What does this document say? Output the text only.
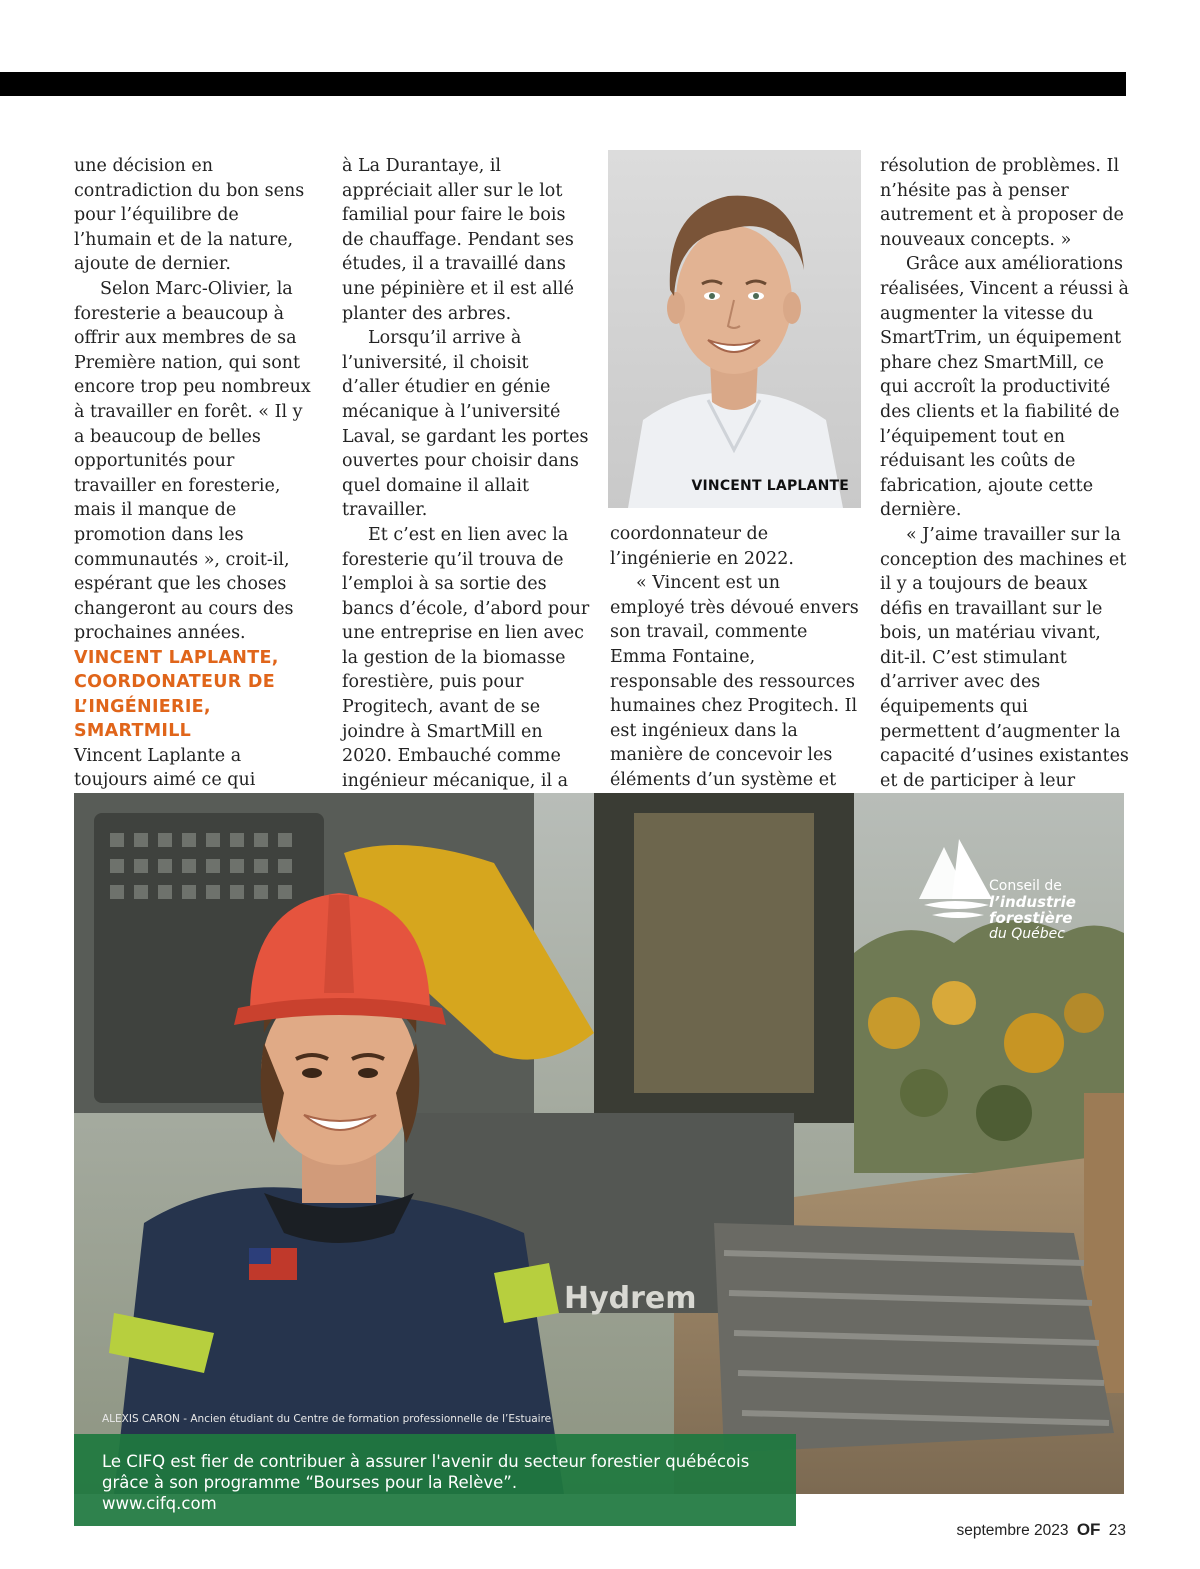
une décision en contradiction du bon sens pour l’équilibre de l’humain et de la nature, ajoute de dernier.

Selon Marc-Olivier, la foresterie a beaucoup à offrir aux membres de sa Première nation, qui sont encore trop peu nombreux à travailler en forêt. « Il y a beaucoup de belles opportunités pour travailler en foresterie, mais il manque de promotion dans les communautés », croit-il, espérant que les choses changeront au cours des prochaines années.

VINCENT LAPLANTE, COORDONATEUR DE L’INGÉNIERIE, SMARTMILL

Vincent Laplante a toujours aimé ce qui

à La Durantaye, il appréciait aller sur le lot familial pour faire le bois de chauffage. Pendant ses études, il a travaillé dans une pépinière et il est allé planter des arbres.

Lorsqu’il arrive à l’université, il choisit d’aller étudier en génie mécanique à l’université Laval, se gardant les portes ouvertes pour choisir dans quel domaine il allait travailler.

Et c’est en lien avec la foresterie qu’il trouva de l’emploi à sa sortie des bancs d’école, d’abord pour une entreprise en lien avec la gestion de la biomasse forestière, puis pour Progitech, avant de se joindre à SmartMill en 2020. Embauché comme ingénieur mécanique, il a

VINCENT LAPLANTE

coordonnateur de l’ingénierie en 2022.

« Vincent est un employé très dévoué envers son travail, commente Emma Fontaine, responsable des ressources humaines chez Progitech. Il est ingénieux dans la manière de concevoir les éléments d’un système et

résolution de problèmes. Il n’hésite pas à penser autrement et à proposer de nouveaux concepts. »

Grâce aux améliorations réalisées, Vincent a réussi à augmenter la vitesse du SmartTrim, un équipement phare chez SmartMill, ce qui accroît la productivité des clients et la fiabilité de l’équipement tout en réduisant les coûts de fabrication, ajoute cette dernière.

« J’aime travailler sur la conception des machines et il y a toujours de beaux défis en travaillant sur le bois, un matériau vivant, dit-il. C’est stimulant d’arriver avec des équipements qui permettent d’augmenter la capacité d’usines existantes et de participer à leur

Hydrem
Conseil de
l’industrie
forestière
du Québec
ALEXIS CARON - Ancien étudiant du Centre de formation professionnelle de l’Estuaire
Le CIFQ est fier de contribuer à assurer l'avenir du secteur forestier québécois
grâce à son programme “Bourses pour la Relève”.
www.cifq.com
septembre 2023 OF 23
